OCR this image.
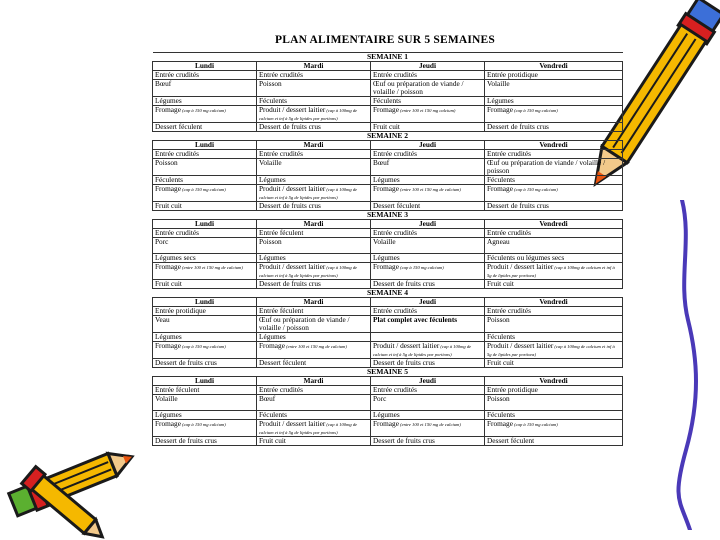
PLAN ALIMENTAIRE SUR 5 SEMAINES
SEMAINE 1			
Lundi	Mardi	Jeudi	Vendredi
Entrée crudités	Entrée crudités	Entrée crudités	Entrée protidique
Bœuf	Poisson	Œuf ou préparation de viande / volaille / poisson	Volaille
Légumes	Féculents	Féculents	Légumes
Fromage (cap à 150 mg calcium)	Produit / dessert laitier (cap à 100mg de calcium et inf à 5g de lipides par portions)	Fromage (entre 100 et 150 mg calcium)	Fromage (cap à 150 mg calcium)
Dessert féculent	Dessert de fruits crus	Fruit cuit	Dessert de fruits crus
SEMAINE 2			
Lundi	Mardi	Jeudi	Vendredi
Entrée crudités	Entrée crudités	Entrée crudités	Entrée crudités
Poisson	Volaille	Bœuf	Œuf ou préparation de viande / volaille / poisson
Féculents	Légumes	Légumes	Féculents
Fromage (cap à 150 mg calcium)	Produit / dessert laitier (cap à 100mg de calcium et inf à 5g de lipides par portions)	Fromage (entre 100 et 150 mg de calcium)	Fromage (cap à 150 mg calcium)
Fruit cuit	Dessert de fruits crus	Dessert féculent	Dessert de fruits crus
SEMAINE 3			
Lundi	Mardi	Jeudi	Vendredi
Entrée crudités	Entrée féculent	Entrée crudités	Entrée crudités
Porc	Poisson	Volaille	Agneau
Légumes secs	Légumes	Légumes	Féculents ou légumes secs
Fromage (entre 100 et 150 mg de calcium)	Produit / dessert laitier (cap à 100mg de calcium et inf à 5g de lipides par portions)	Fromage (cap à 150 mg calcium)	Produit / dessert laitier (cap à 100mg de calcium et inf à 5g de lipides par portions)
Fruit cuit	Dessert de fruits crus	Dessert de fruits crus	Fruit cuit
SEMAINE 4			
Lundi	Mardi	Jeudi	Vendredi
Entrée protidique	Entrée féculent	Entrée crudités	Entrée crudités
Veau	Œuf ou préparation de viande / volaille / poisson	Plat complet avec féculents	Poisson
Légumes	Légumes		Féculents
Fromage (cap à 150 mg calcium)	Fromage (entre 100 et 150 mg de calcium)	Produit / dessert laitier (cap à 100mg de calcium et inf à 5g de lipides par portions)	Produit / dessert laitier (cap à 100mg de calcium et inf à 5g de lipides par portions)
Dessert de fruits crus	Dessert féculent	Dessert de fruits crus	Fruit cuit
SEMAINE 5			
Lundi	Mardi	Jeudi	Vendredi
Entrée féculent	Entrée crudités	Entrée crudités	Entrée protidique
Volaille	Bœuf	Porc	Poisson
Légumes	Féculents	Légumes	Féculents
Fromage (cap à 150 mg calcium)	Produit / dessert laitier (cap à 100mg de calcium et inf à 5g de lipides par portions)	Fromage (entre 100 et 150 mg de calcium)	Fromage (cap à 150 mg calcium)
Dessert de fruits crus	Fruit cuit	Dessert de fruits crus	Dessert féculent
